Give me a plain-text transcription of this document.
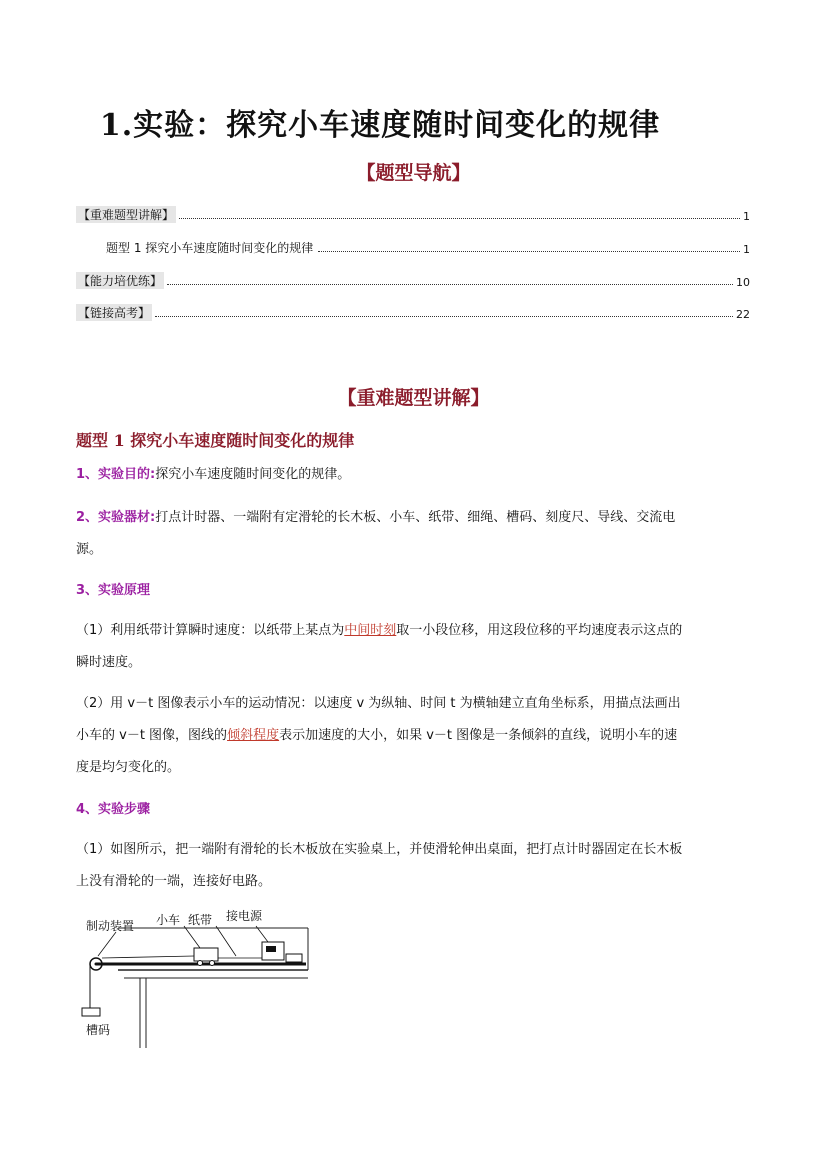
1.实验：探究小车速度随时间变化的规律
【题型导航】
【重难题型讲解】	1
题型 1 探究小车速度随时间变化的规律	1
【能力培优练】	10
【链接高考】	22
【重难题型讲解】
题型 1 探究小车速度随时间变化的规律
1、实验目的:探究小车速度随时间变化的规律。
2、实验器材:打点计时器、一端附有定滑轮的长木板、小车、纸带、细绳、槽码、刻度尺、导线、交流电
源。
3、实验原理
（1）利用纸带计算瞬时速度：以纸带上某点为中间时刻取一小段位移，用这段位移的平均速度表示这点的
瞬时速度。
（2）用 v－t 图像表示小车的运动情况：以速度 v 为纵轴、时间 t 为横轴建立直角坐标系，用描点法画出
小车的 v－t 图像，图线的倾斜程度表示加速度的大小，如果 v－t 图像是一条倾斜的直线，说明小车的速
度是均匀变化的。
4、实验步骤
（1）如图所示，把一端附有滑轮的长木板放在实验桌上，并使滑轮伸出桌面，把打点计时器固定在长木板
上没有滑轮的一端，连接好电路。
制动装置 小车 纸带 接电源
槽码
